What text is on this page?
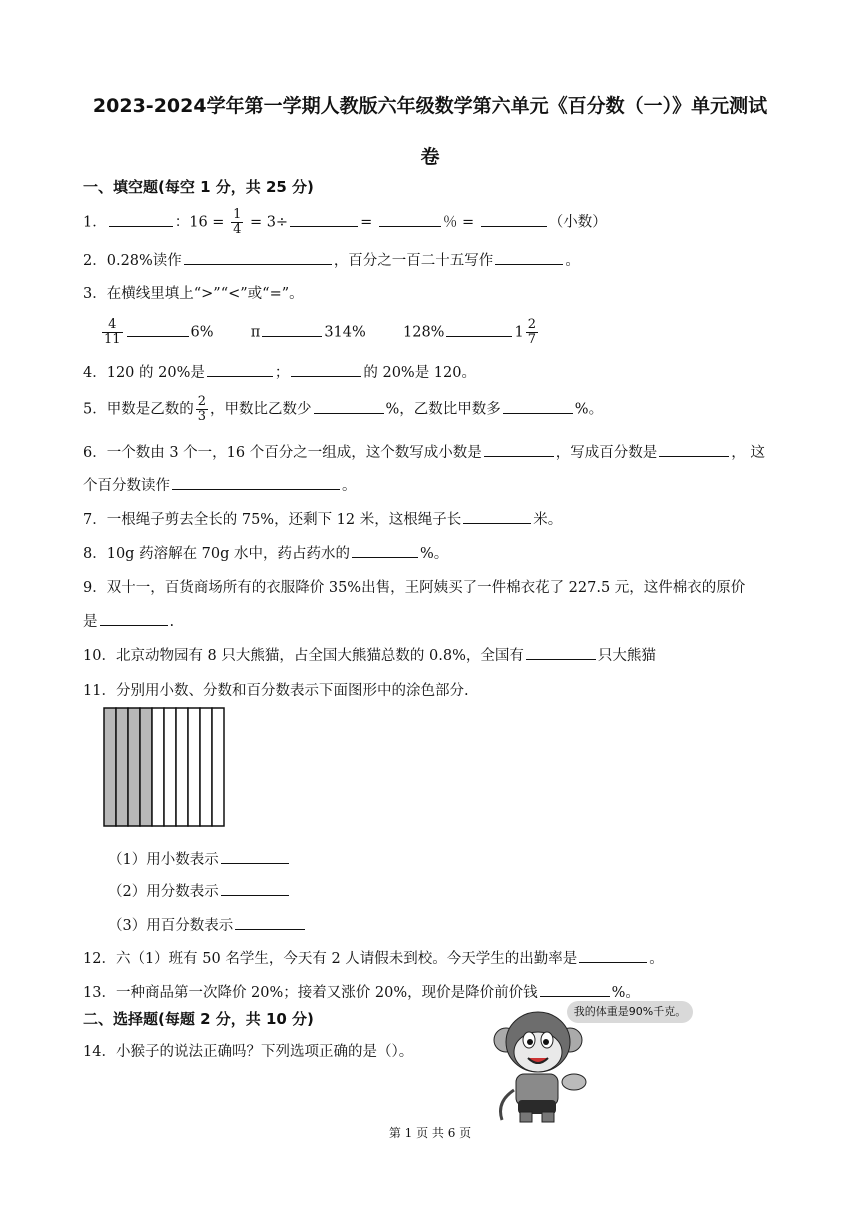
2023-2024学年第一学期人教版六年级数学第六单元《百分数（一）》单元测试
卷
一、填空题(每空 1 分，共 25 分)
1．	：$16 = \frac{1}{4} = 3\div$	=	％ =	（小数）
2．0.28%读作	，百分之一百二十五写作	。
3．在横线里填上“>”“<”或“=”。
$\frac{4}{11}$	6%	π	314%	128%	$1 \frac{2}{7}$
4．120 的 20%是	；	的 20%是 120。
5．甲数是乙数的 $\frac{2}{3}$ ，甲数比乙数少	%，乙数比甲数多	%。
6．一个数由 3 个一，16 个百分之一组成，这个数写成小数是	，写成百分数是	， 这
个百分数读作	。
7．一根绳子剪去全长的 75%，还剩下 12 米，这根绳子长	米。
8．10g 药溶解在 70g 水中，药占药水的	%。
9．双十一，百货商场所有的衣服降价 35%出售，王阿姨买了一件棉衣花了 227.5 元，这件棉衣的原价
是	.
10．北京动物园有 8 只大熊猫，占全国大熊猫总数的 0.8%，全国有	只大熊猫
11．分别用小数、分数和百分数表示下面图形中的涂色部分.
（1）用小数表示
（2）用分数表示
（3）用百分数表示
12．六（1）班有 50 名学生，今天有 2 人请假未到校。今天学生的出勤率是	。
13．一种商品第一次降价 20%；接着又涨价 20%，现价是降价前价钱	%。
二、选择题(每题 2 分，共 10 分)
14．小猴子的说法正确吗？下列选项正确的是（）。
我的体重是90%千克。
第 1 页 共 6 页
